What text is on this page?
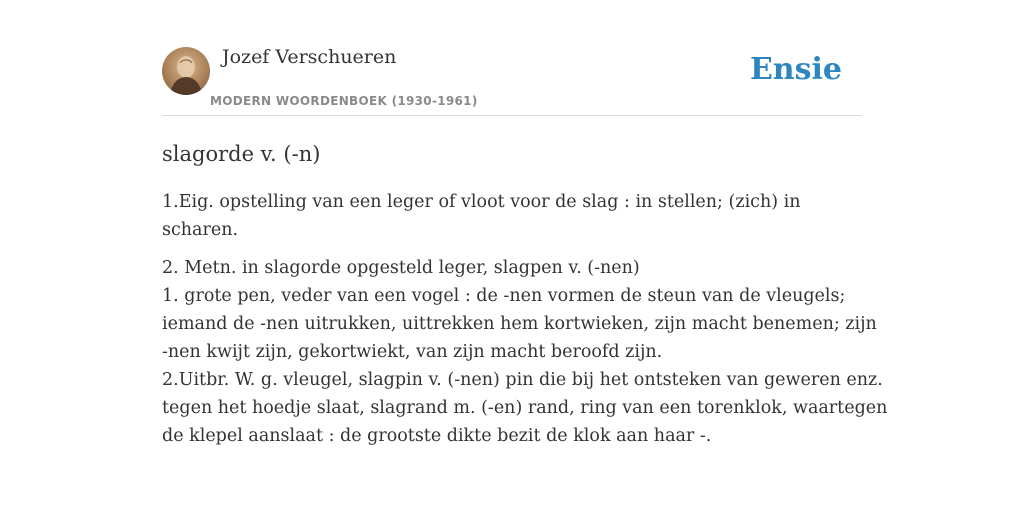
Jozef Verschueren
MODERN WOORDENBOEK (1930-1961)
Ensie
slagorde v. (-n)

1.Eig. opstelling van een leger of vloot voor de slag : in stellen; (zich) in scharen.

2. Metn. in slagorde opgesteld leger, slagpen v. (-nen)
1. grote pen, veder van een vogel : de -nen vormen de steun van de vleugels;
iemand de -nen uitrukken, uittrekken hem kortwieken, zijn macht benemen; zijn
-nen kwijt zijn, gekortwiekt, van zijn macht beroofd zijn.
2.Uitbr. W. g. vleugel, slagpin v. (-nen) pin die bij het ontsteken van geweren enz.
tegen het hoedje slaat, slagrand m. (-en) rand, ring van een torenklok, waartegen
de klepel aanslaat : de grootste dikte bezit de klok aan haar -.
